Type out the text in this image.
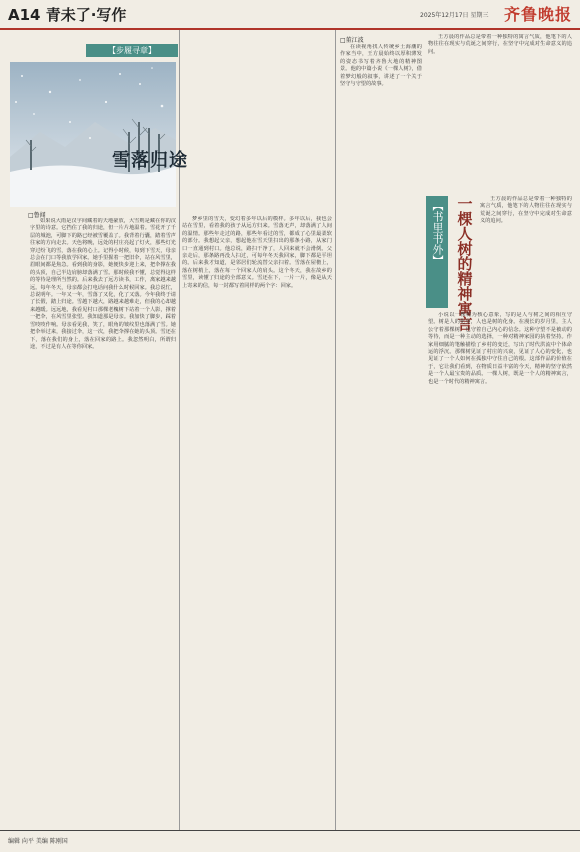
A14 青未了·写作	2025年12月17日 星期三 齐鲁晚报
【步履寻章】
雪落归途
□鲁闻

如果说大雨是汉字间藏着的天地豪放，大雪则是藏在你的汉字里的诗意。它挡住了我的归途，但一片片地温着。雪花开了千层的城池，可脚下的路已经被雪覆盖了。我背着行囊，踏着雪声往家的方向走去。天色将晚，远处的村庄亮起了灯火，那些灯光穿过纷飞的雪，落在我的心上。记得小时候，每到下雪天，母亲总会在门口等我放学回家。她手里握着一把旧伞，站在风雪里，眉眼间都是焦急。看到我的身影，她便快步迎上来，把伞撑在我的头顶，自己半边肩膀却落满了雪。那时候我不懂，总觉得这样的等待是理所当然的。后来我去了远方读书，工作，离家越来越远。每年冬天，母亲都会打电话问我什么时候回家。我总说忙，总说明年。一年又一年，雪落了又化，化了又落。今年我终于请了长假，踏上归途。雪越下越大，路越来越难走，但我的心却越来越暖。远远地，我看见村口那棵老槐树下站着一个人影，撑着一把伞，在风雪里张望。我知道那是母亲。我加快了脚步，踩着雪吱吱作响。母亲看见我，笑了，眼角的皱纹里也落满了雪。她把伞举过来，我接过伞，这一次，我把伞撑在她的头顶。雪还在下，落在我们的身上，落在回家的路上。我忽然明白，所谓归途，不过是有人在等你回家。

梦乡里的雪天，变幻着多年以后的模样。多年以后，我也会站在雪里，看着我的孩子从远方归来。雪落无声，却落满了人间的温情。那些年走过的路，那些年看过的雪，都成了心里最柔软的部分。我想起父亲，想起他在雪天里扫出的那条小路，从家门口一直通到村口。他总说，路扫干净了，人回来就不会滑倒。父亲走后，那条路再没人扫过，可每年冬天我回家，脚下都是平坦的。后来我才知道，是邻居们轮流替父亲扫着。雪落在屋檐上，落在树梢上，落在每一个回家人的肩头。这个冬天，我在故乡的雪里，读懂了归途的全部意义。雪还在下，一片一片，像是从天上寄来的信，每一封都写着同样的两个字：回家。

□董江波

在读视角找人传统乡土海潮的作家当中，王方晨始终以厚积薄发的姿态书写着齐鲁大地的精神图景。他的中篇小说《一棵人树》，借着梦幻般的叙事，讲述了一个关于坚守与守望的故事。

王方晨的作品总是带着一种独特的寓言气质，他笔下的人物往往在现实与荒诞之间穿行，在坚守中完成对生命意义的追问。

【书里书外】 一棵人树的精神寓言	王方晨的作品总是带着一种独特的寓言气质，他笔下的人物往往在现实与荒诞之间穿行，在坚守中完成对生命意义的追问。

小说以一棵树为核心意象，写的是人与树之间的相互守望。树是人的化身，人也是树的化身。在漫长的岁月里，主人公守着那棵树，也守着自己内心的信念。这种守望不是被动的等待，而是一种主动的选择，一种对精神家园的执着坚持。作家用细腻的笔触描绘了乡村的变迁，写出了时代洪流中个体命运的浮沉。那棵树见证了村庄的兴衰，见证了人心的变化，也见证了一个人如何在孤独中守住自己的根。这部作品的价值在于，它让我们看到，在物质日益丰富的今天，精神的坚守依然是一个人最宝贵的品质。一棵人树，既是一个人的精神寓言，也是一个时代的精神寓言。

编辑 向平 美编 陈刚国
